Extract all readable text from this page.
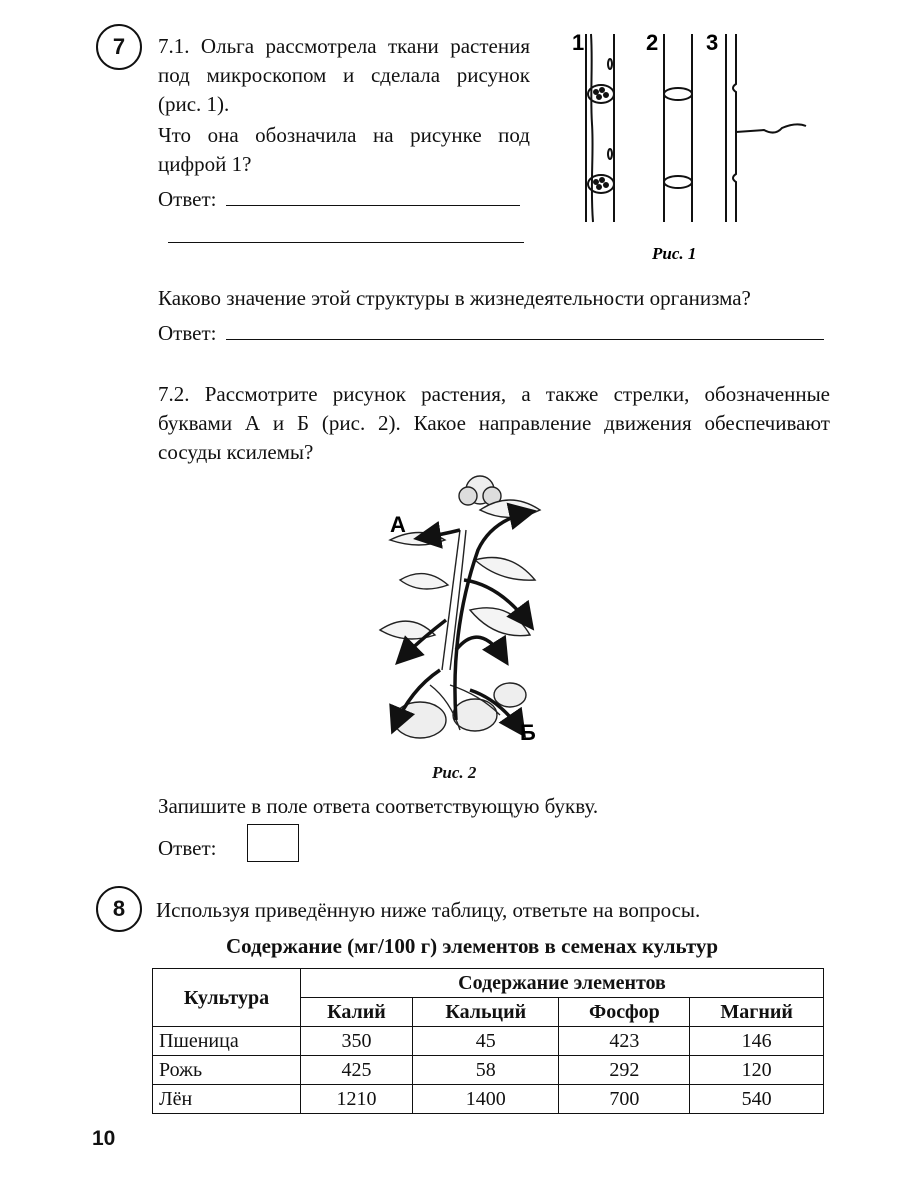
7	7.1. Ольга рассмотрела ткани растения под микроскопом и сделала рисунок (рис. 1).
Что она обозначила на рисунке под цифрой 1?
Ответ:
1	2 3
Рис. 1
Каково значение этой структуры в жизнедеятельности организма?
Ответ:
7.2. Рассмотрите рисунок растения, а также стрелки, обозначенные буквами А и Б (рис. 2). Какое направление движения обеспечивают сосуды ксилемы?
А
Б
Рис. 2
Запишите в поле ответа соответствующую букву.
Ответ:
8	Используя приведённую ниже таблицу, ответьте на вопросы.
Содержание (мг/100 г) элементов в семенах культур
Культура	Содержание элементов			
	Калий	Кальций	Фосфор	Магний
Пшеница	350	45	423	146
Рожь	425	58	292	120
Лён	1210	1400	700	540
10
